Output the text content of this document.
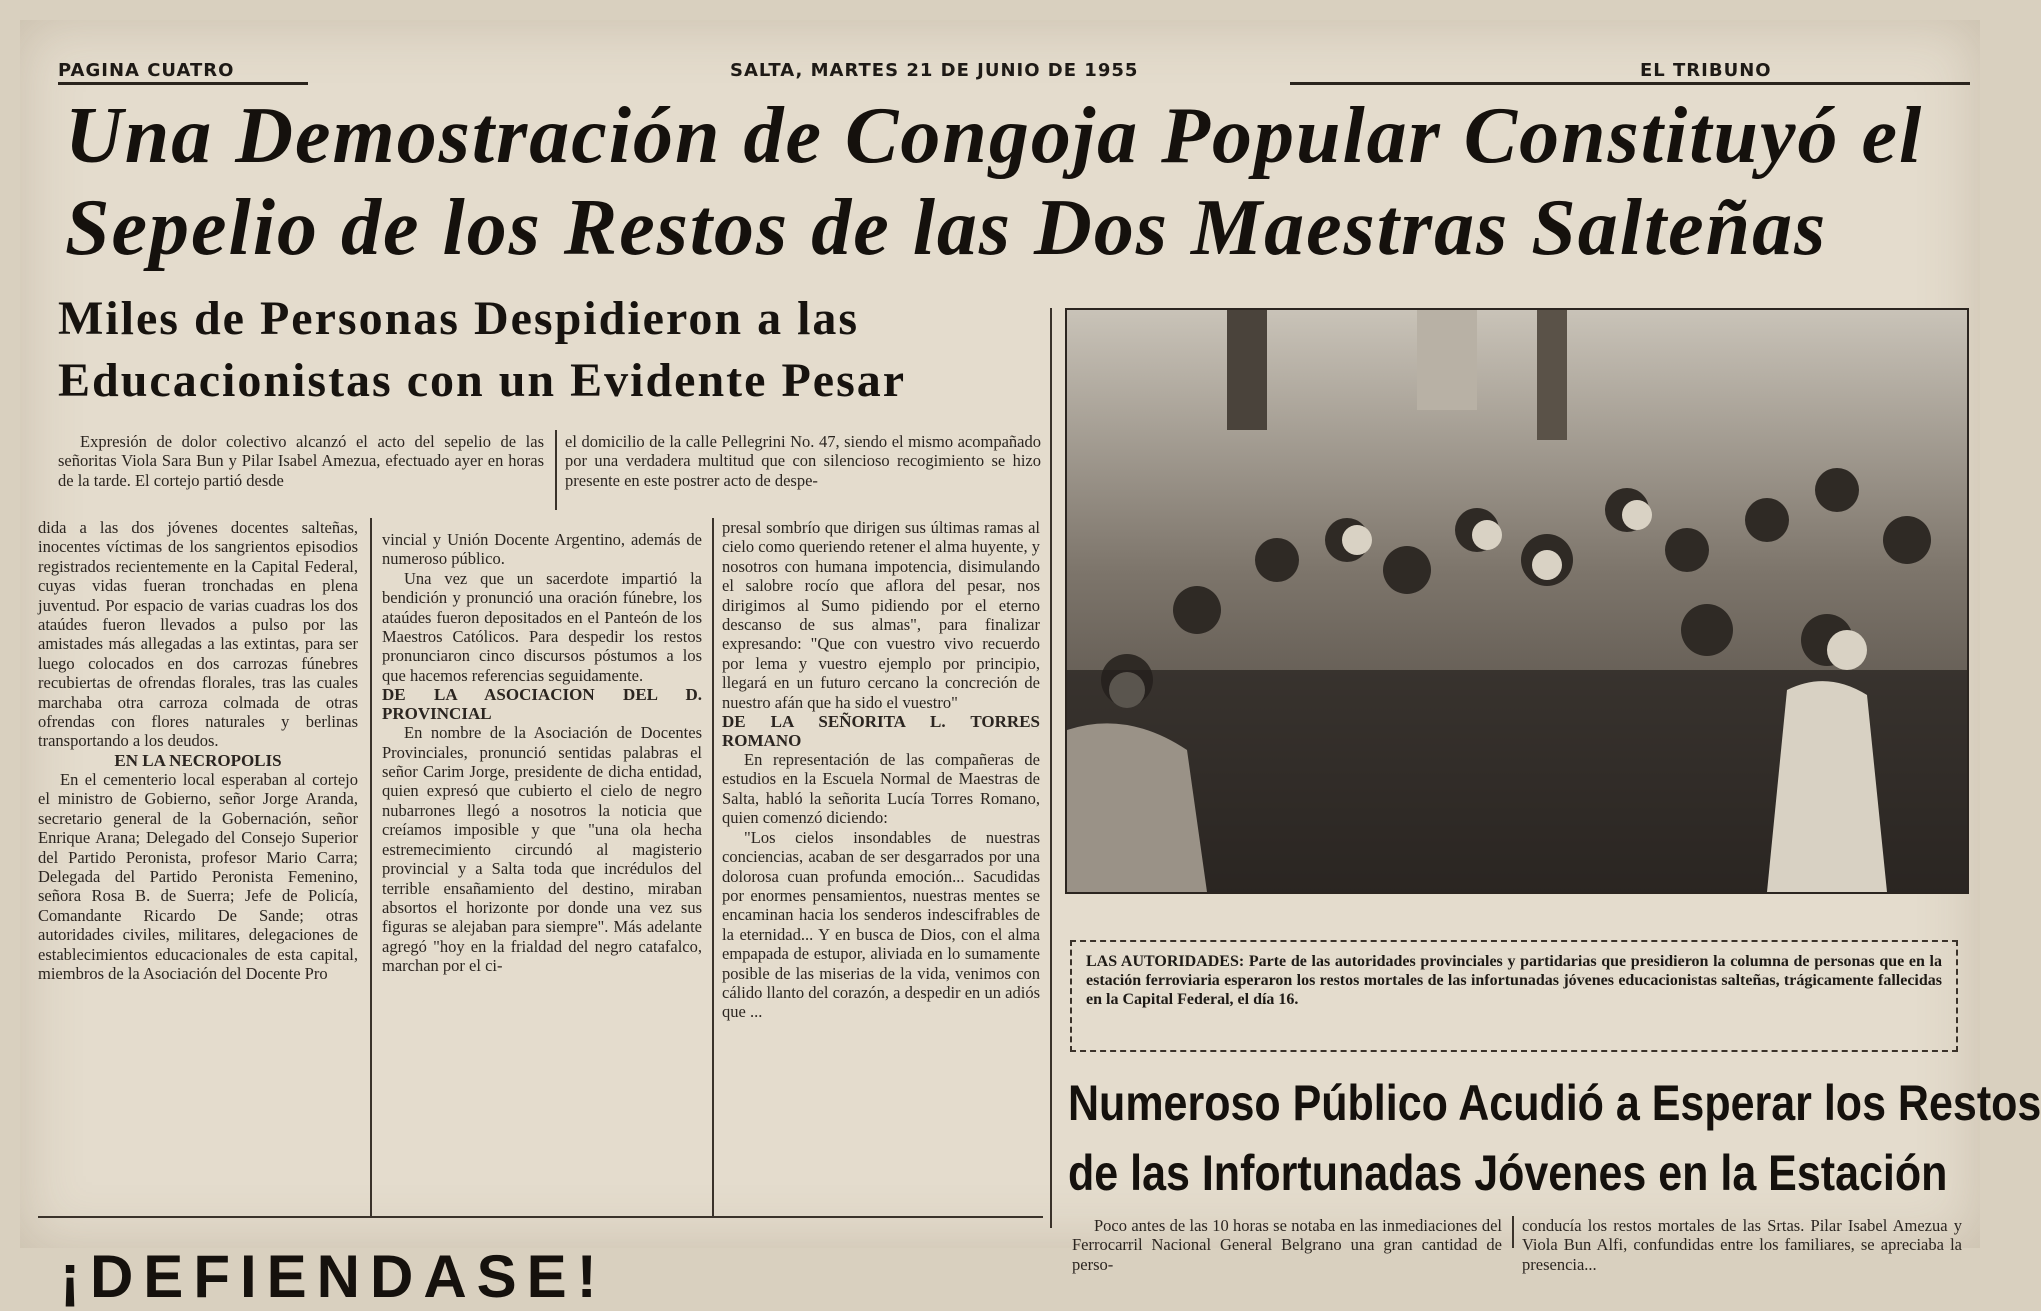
PAGINA CUATRO	SALTA, MARTES 21 DE JUNIO DE 1955	EL TRIBUNO
Una Demostración de Congoja Popular Constituyó el
Sepelio de los Restos de las Dos Maestras Salteñas
Miles de Personas Despidieron a las
Educacionistas con un Evidente Pesar

Expresión de dolor colectivo alcanzó el acto del sepelio de las señoritas Viola Sara Bun y Pilar Isabel Amezua, efectuado ayer en horas de la tarde. El cortejo partió desde

el domicilio de la calle Pellegrini No. 47, siendo el mismo acompañado por una verdadera multitud que con silencioso recogimiento se hizo presente en este postrer acto de despe-

dida a las dos jóvenes docentes salteñas, inocentes víctimas de los sangrientos episodios registrados recientemente en la Capital Federal, cuyas vidas fueran tronchadas en plena juventud. Por espacio de varias cuadras los dos ataúdes fueron llevados a pulso por las amistades más allegadas a las extintas, para ser luego colocados en dos carrozas fúnebres recubiertas de ofrendas florales, tras las cuales marchaba otra carroza colmada de otras ofrendas con flores naturales y berlinas transportando a los deudos.

EN LA NECROPOLIS

En el cementerio local esperaban al cortejo el ministro de Gobierno, señor Jorge Aranda, secretario general de la Gobernación, señor Enrique Arana; Delegado del Consejo Superior del Partido Peronista, profesor Mario Carra; Delegada del Partido Peronista Femenino, señora Rosa B. de Suerra; Jefe de Policía, Comandante Ricardo De Sande; otras autoridades civiles, militares, delegaciones de establecimientos educacionales de esta capital, miembros de la Asociación del Docente Pro

vincial y Unión Docente Argentino, además de numeroso público.

Una vez que un sacerdote impartió la bendición y pronunció una oración fúnebre, los ataúdes fueron depositados en el Panteón de los Maestros Católicos. Para despedir los restos pronunciaron cinco discursos póstumos a los que hacemos referencias seguidamente.

DE LA ASOCIACION DEL D. PROVINCIAL

En nombre de la Asociación de Docentes Provinciales, pronunció sentidas palabras el señor Carim Jorge, presidente de dicha entidad, quien expresó que cubierto el cielo de negro nubarrones llegó a nosotros la noticia que creíamos imposible y que "una ola hecha estremecimiento circundó al magisterio provincial y a Salta toda que incrédulos del terrible ensañamiento del destino, miraban absortos el horizonte por donde una vez sus figuras se alejaban para siempre". Más adelante agregó "hoy en la frialdad del negro catafalco, marchan por el ci-

presal sombrío que dirigen sus últimas ramas al cielo como queriendo retener el alma huyente, y nosotros con humana impotencia, disimulando el salobre rocío que aflora del pesar, nos dirigimos al Sumo pidiendo por el eterno descanso de sus almas", para finalizar expresando: "Que con vuestro vivo recuerdo por lema y vuestro ejemplo por principio, llegará en un futuro cercano la concreción de nuestro afán que ha sido el vuestro"

DE LA SEÑORITA L. TORRES ROMANO

En representación de las compañeras de estudios en la Escuela Normal de Maestras de Salta, habló la señorita Lucía Torres Romano, quien comenzó diciendo:

"Los cielos insondables de nuestras conciencias, acaban de ser desgarrados por una dolorosa cuan profunda emoción... Sacudidas por enormes pensamientos, nuestras mentes se encaminan hacia los senderos indescifrables de la eternidad... Y en busca de Dios, con el alma empapada de estupor, aliviada en lo sumamente posible de las miserias de la vida, venimos con cálido llanto del corazón, a despedir en un adiós que ...

LAS AUTORIDADES: Parte de las autoridades provinciales y partidarias que presidieron la columna de personas que en la estación ferroviaria esperaron los restos mortales de las infortunadas jóvenes educacionistas salteñas, trágicamente fallecidas en la Capital Federal, el día 16.
Numeroso Público Acudió a Esperar los Restos
de las Infortunadas Jóvenes en la Estación

Poco antes de las 10 horas se notaba en las inmediaciones del Ferrocarril Nacional General Belgrano una gran cantidad de perso-

conducía los restos mortales de las Srtas. Pilar Isabel Amezua y Viola Bun Alfi, confundidas entre los familiares, se apreciaba la presencia...

¡DEFIENDASE!
